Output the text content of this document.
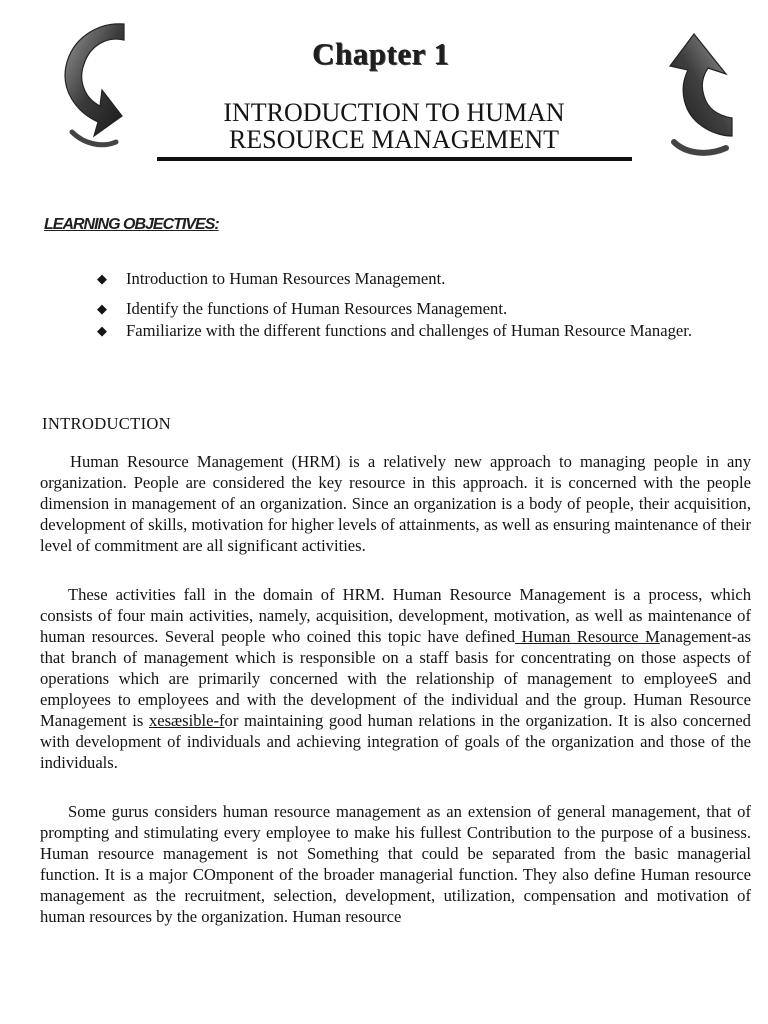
Chapter 1
INTRODUCTION TO HUMAN
RESOURCE MANAGEMENT
LEARNING OBJECTIVES:
◆ Introduction to Human Resources Management.
◆ Identify the functions of Human Resources Management.
◆ Familiarize with the different functions and challenges of Human Resource Manager.
INTRODUCTION

Human Resource Management (HRM) is a relatively new approach to managing people in any organization. People are considered the key resource in this approach. it is concerned with the people dimension in management of an organization. Since an organization is a body of people, their acquisition, development of skills, motivation for higher levels of attainments, as well as ensuring maintenance of their level of commitment are all significant activities.

These activities fall in the domain of HRM. Human Resource Management is a process, which consists of four main activities, namely, acquisition, development, motivation, as well as maintenance of human resources. Several people who coined this topic have defined Human Resource Management-as that branch of management which is responsible on a staff basis for concentrating on those aspects of operations which are primarily concerned with the relationship of management to employeeS and employees to employees and with the development of the individual and the group. Human Resource Management is xesæsible-for maintaining good human relations in the organization. It is also concerned with development of individuals and achieving integration of goals of the organization and those of the individuals.

Some gurus considers human resource management as an extension of general management, that of prompting and stimulating every employee to make his fullest Contribution to the purpose of a business. Human resource management is not Something that could be separated from the basic managerial function. It is a major COmponent of the broader managerial function. They also define Human resource management as the recruitment, selection, development, utilization, compensation and motivation of human resources by the organization. Human resource
